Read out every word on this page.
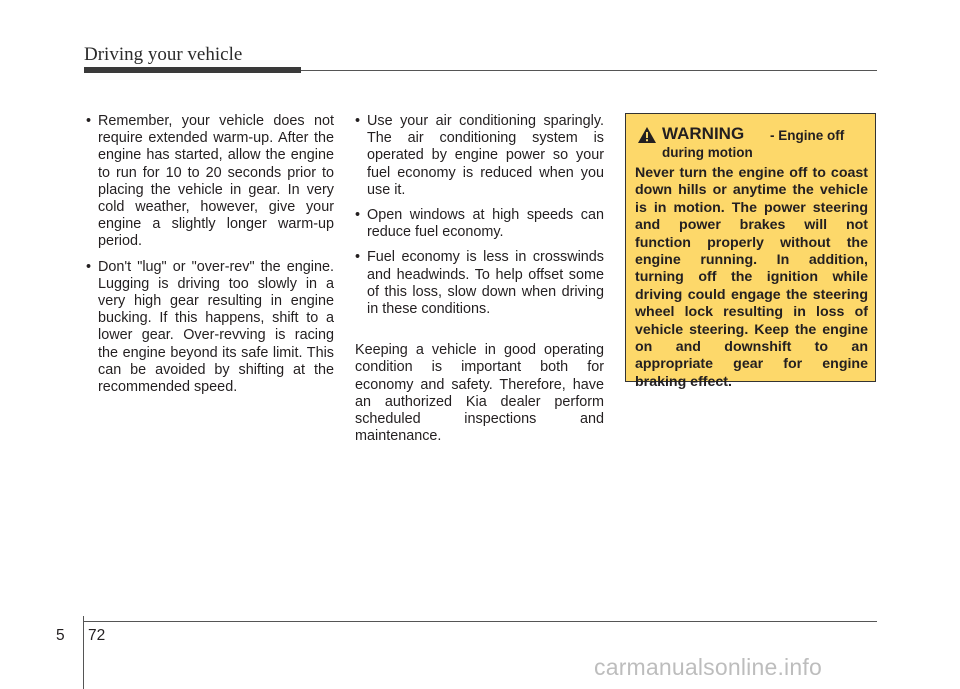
Driving your vehicle
• Remember, your vehicle does not require extended warm-up. After the engine has started, allow the engine to run for 10 to 20 seconds prior to placing the vehicle in gear. In very cold weather, however, give your engine a slightly longer warm-up period.
• Don't "lug" or "over-rev" the engine. Lugging is driving too slowly in a very high gear resulting in engine bucking. If this happens, shift to a lower gear. Over-revving is racing the engine beyond its safe limit. This can be avoided by shifting at the recommended speed.
• Use your air conditioning sparingly. The air conditioning system is operated by engine power so your fuel economy is reduced when you use it.
• Open windows at high speeds can reduce fuel economy.
• Fuel economy is less in crosswinds and headwinds. To help offset some of this loss, slow down when driving in these conditions.
Keeping a vehicle in good operating condition is important both for economy and safety. Therefore, have an authorized Kia dealer perform scheduled inspections and maintenance.
WARNING - Engine off
during motion
Never turn the engine off to coast down hills or anytime the vehicle is in motion. The power steering and power brakes will not function properly without the engine running. In addition, turning off the ignition while driving could engage the steering wheel lock resulting in loss of vehicle steering. Keep the engine on and downshift to an appropriate gear for engine braking effect.
5 72
carmanualsonline.info
